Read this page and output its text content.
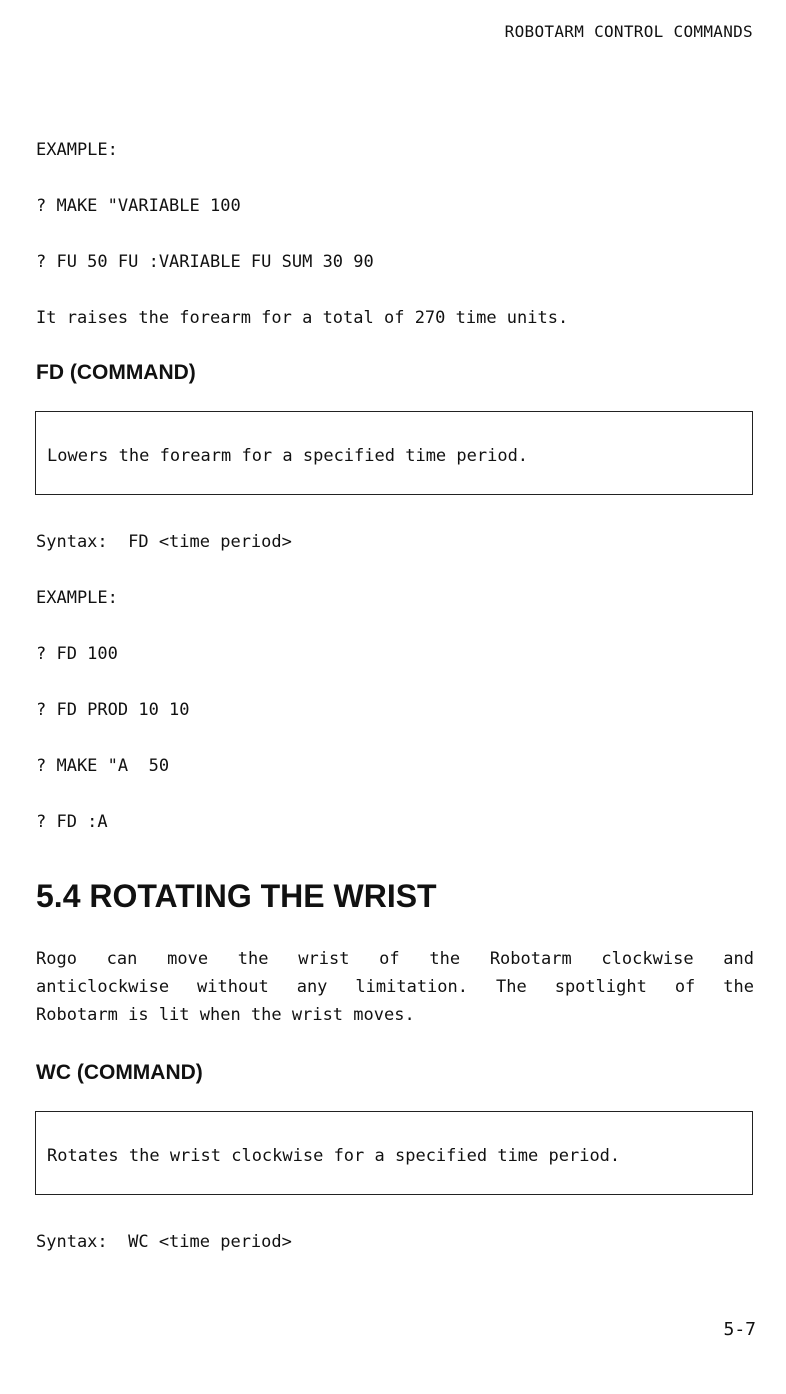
ROBOTARM CONTROL COMMANDS
EXAMPLE:
? MAKE "VARIABLE 100
? FU 50 FU :VARIABLE FU SUM 30 90
It raises the forearm for a total of 270 time units.
FD (COMMAND)
Lowers the forearm for a specified time period.
Syntax:  FD <time period>
EXAMPLE:
? FD 100
? FD PROD 10 10
? MAKE "A  50
? FD :A
5.4 ROTATING THE WRIST
Rogo can move the wrist of the Robotarm clockwise and
anticlockwise without any limitation. The spotlight of the
Robotarm is lit when the wrist moves.
WC (COMMAND)
Rotates the wrist clockwise for a specified time period.
Syntax:  WC <time period>
5-7
